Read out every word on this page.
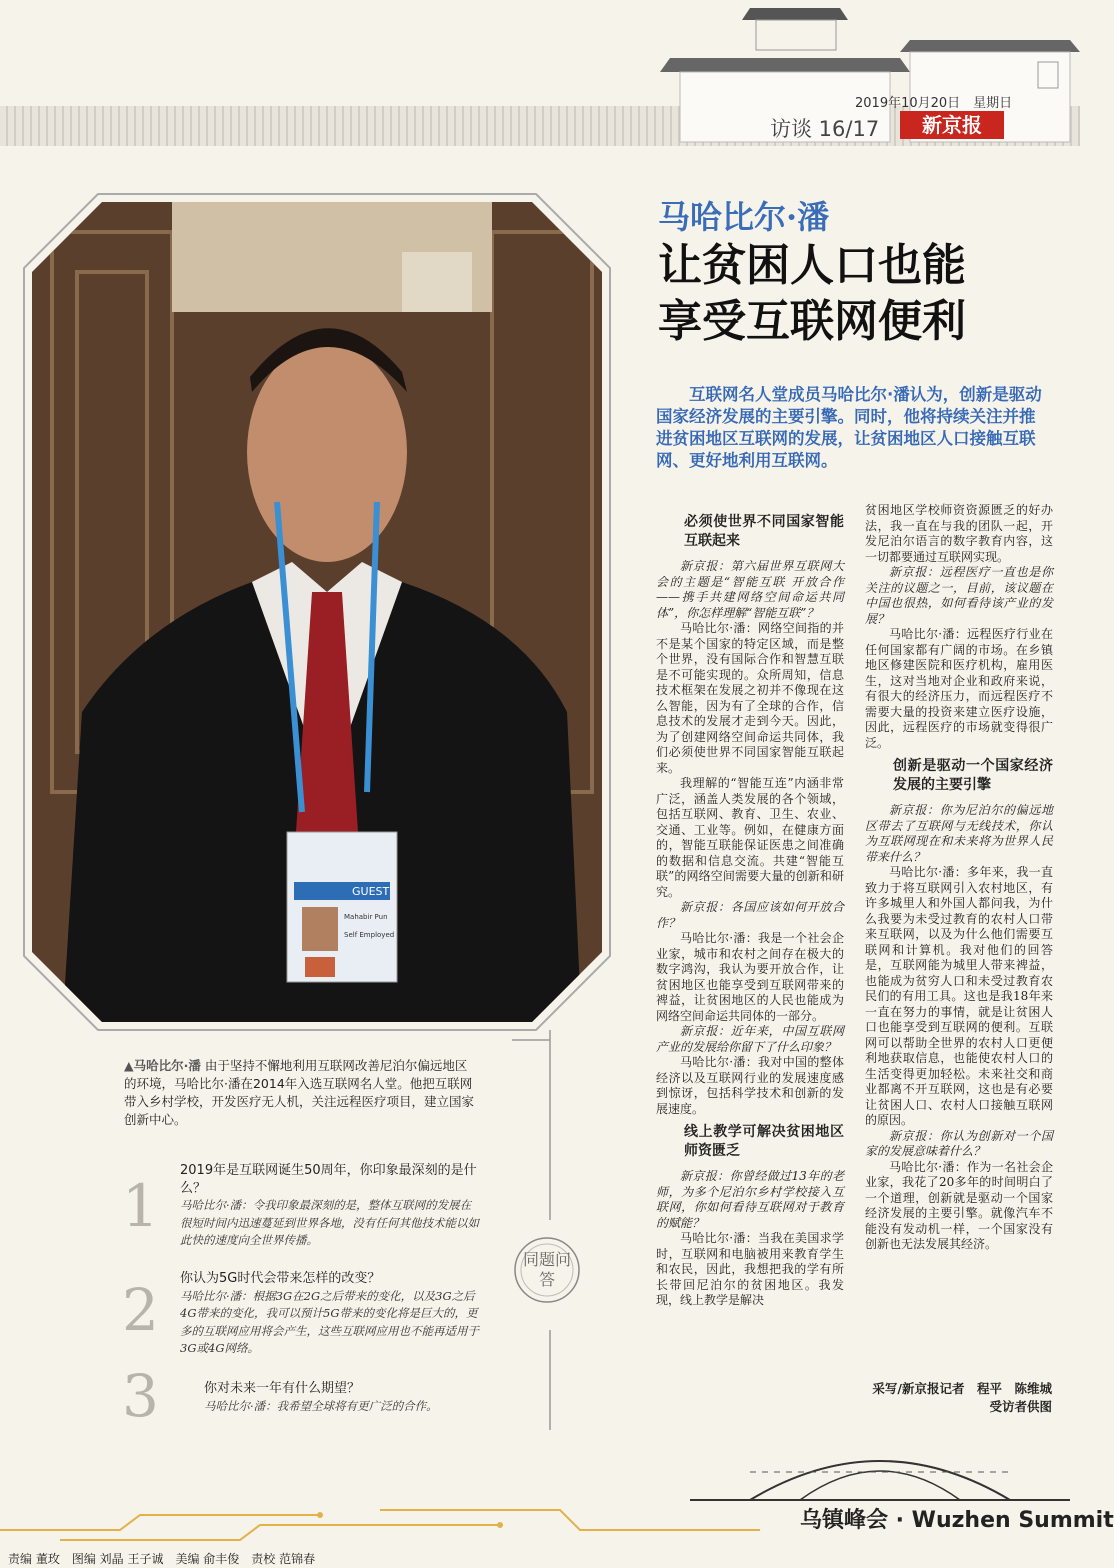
2019年10月20日　星期日
访谈 16/17	新京报
GUEST
Mahabir Pun
Self Employed
马哈比尔·潘
让贫困人口也能
享受互联网便利
互联网名人堂成员马哈比尔·潘认为，创新是驱动国家经济发展的主要引擎。同时，他将持续关注并推进贫困地区互联网的发展，让贫困地区人口接触互联网、更好地利用互联网。

必须使世界不同国家智能互联起来

新京报：第六届世界互联网大会的主题是“智能互联 开放合作——携手共建网络空间命运共同体”，你怎样理解“智能互联”？

马哈比尔·潘：网络空间指的并不是某个国家的特定区域，而是整个世界，没有国际合作和智慧互联是不可能实现的。众所周知，信息技术框架在发展之初并不像现在这么智能，因为有了全球的合作，信息技术的发展才走到今天。因此，为了创建网络空间命运共同体，我们必须使世界不同国家智能互联起来。

我理解的“智能互连”内涵非常广泛，涵盖人类发展的各个领域，包括互联网、教育、卫生、农业、交通、工业等。例如，在健康方面的，智能互联能保证医患之间准确的数据和信息交流。共建“智能互联”的网络空间需要大量的创新和研究。

新京报：各国应该如何开放合作？

马哈比尔·潘：我是一个社会企业家，城市和农村之间存在极大的数字鸿沟，我认为要开放合作，让贫困地区也能享受到互联网带来的裨益，让贫困地区的人民也能成为网络空间命运共同体的一部分。

新京报：近年来，中国互联网产业的发展给你留下了什么印象？

马哈比尔·潘：我对中国的整体经济以及互联网行业的发展速度感到惊讶，包括科学技术和创新的发展速度。

线上教学可解决贫困地区师资匮乏

新京报：你曾经做过13年的老师，为多个尼泊尔乡村学校接入互联网，你如何看待互联网对于教育的赋能？

马哈比尔·潘：当我在美国求学时，互联网和电脑被用来教育学生和农民，因此，我想把我的学有所长带回尼泊尔的贫困地区。我发现，线上教学是解决

贫困地区学校师资资源匮乏的好办法，我一直在与我的团队一起，开发尼泊尔语言的数字教育内容，这一切都要通过互联网实现。

新京报：远程医疗一直也是你关注的议题之一，目前，该议题在中国也很热，如何看待该产业的发展？

马哈比尔·潘：远程医疗行业在任何国家都有广阔的市场。在乡镇地区修建医院和医疗机构，雇用医生，这对当地对企业和政府来说，有很大的经济压力，而远程医疗不需要大量的投资来建立医疗设施，因此，远程医疗的市场就变得很广泛。

创新是驱动一个国家经济发展的主要引擎

新京报：你为尼泊尔的偏远地区带去了互联网与无线技术，你认为互联网现在和未来将为世界人民带来什么？

马哈比尔·潘：多年来，我一直致力于将互联网引入农村地区，有许多城里人和外国人都问我，为什么我要为未受过教育的农村人口带来互联网，以及为什么他们需要互联网和计算机。我对他们的回答是，互联网能为城里人带来裨益，也能成为贫穷人口和未受过教育农民们的有用工具。这也是我18年来一直在努力的事情，就是让贫困人口也能享受到互联网的便利。互联网可以帮助全世界的农村人口更便利地获取信息，也能使农村人口的生活变得更加轻松。未来社交和商业都离不开互联网，这也是有必要让贫困人口、农村人口接触互联网的原因。

新京报：你认为创新对一个国家的发展意味着什么？

马哈比尔·潘：作为一名社会企业家，我花了20多年的时间明白了一个道理，创新就是驱动一个国家经济发展的主要引擎。就像汽车不能没有发动机一样，一个国家没有创新也无法发展其经济。

▲马哈比尔·潘 由于坚持不懈地利用互联网改善尼泊尔偏远地区的环境，马哈比尔·潘在2014年入选互联网名人堂。他把互联网带入乡村学校，开发医疗无人机，关注远程医疗项目，建立国家创新中心。
同题问答
1
2019年是互联网诞生50周年，你印象最深刻的是什么？
马哈比尔·潘：令我印象最深刻的是，整体互联网的发展在很短时间内迅速蔓延到世界各地，没有任何其他技术能以如此快的速度向全世界传播。
2 你认为5G时代会带来怎样的改变？
马哈比尔·潘：根据3G在2G之后带来的变化，以及3G之后4G带来的变化，我可以预计5G带来的变化将是巨大的，更多的互联网应用将会产生，这些互联网应用也不能再适用于3G或4G网络。
3	你对未来一年有什么期望？
马哈比尔·潘：我希望全球将有更广泛的合作。
采写/新京报记者　程平　陈维城
受访者供图
乌镇峰会 · Wuzhen Summit
责编 董玫　图编 刘晶 王子诚　美编 俞丰俊　责校 范锦春
